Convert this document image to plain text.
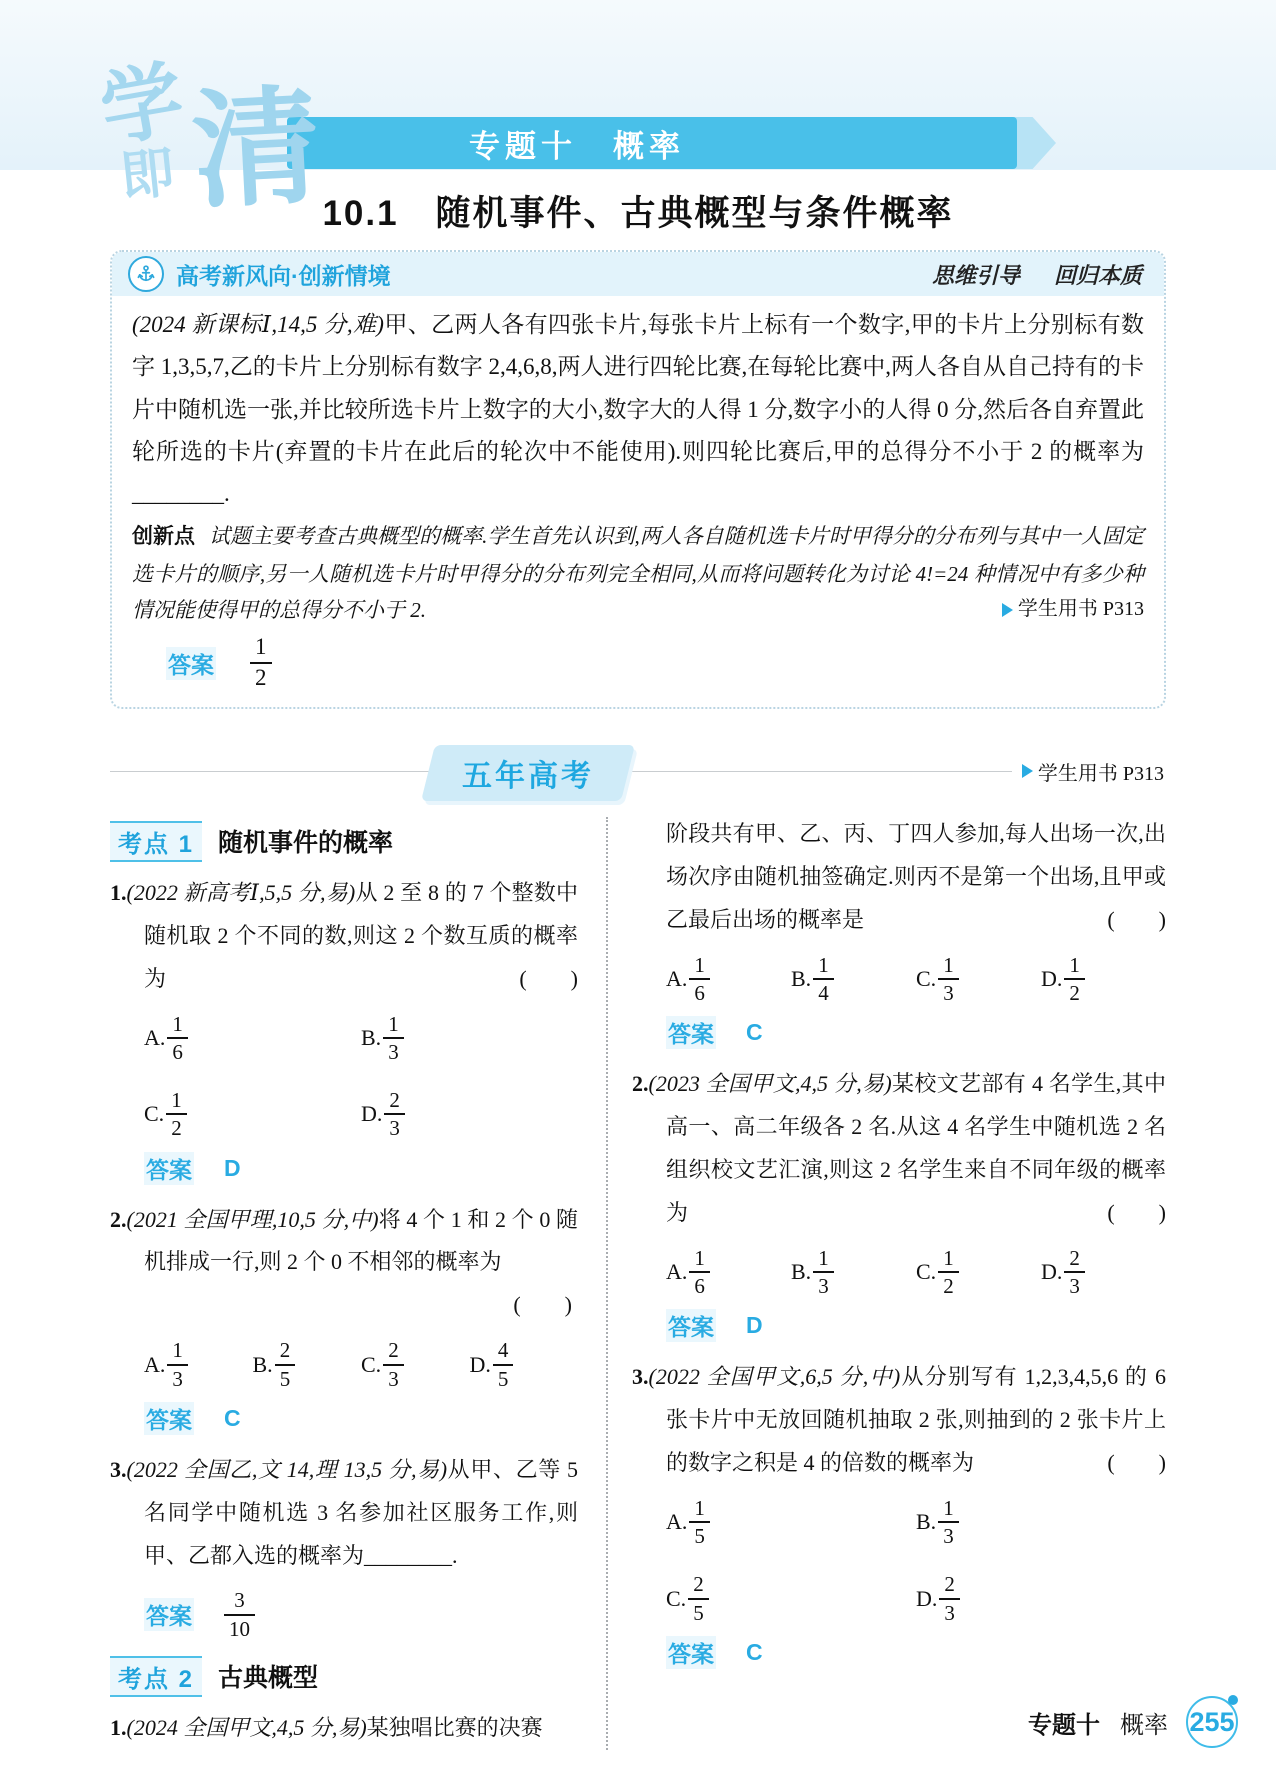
学
即 清	专题十　概率
10.1　随机事件、古典概型与条件概率
高考新风向·创新情境	思维引导 回归本质
(2024 新课标Ⅰ,14,5 分,难)甲、乙两人各有四张卡片,每张卡片上标有一个数字,甲的卡片上分别标有数字 1,3,5,7,乙的卡片上分别标有数字 2,4,6,8,两人进行四轮比赛,在每轮比赛中,两人各自从自己持有的卡片中随机选一张,并比较所选卡片上数字的大小,数字大的人得 1 分,数字小的人得 0 分,然后各自弃置此轮所选的卡片(弃置的卡片在此后的轮次中不能使用).则四轮比赛后,甲的总得分不小于 2 的概率为________.
创新点 试题主要考查古典概型的概率.学生首先认识到,两人各自随机选卡片时甲得分的分布列与其中一人固定选卡片的顺序,另一人随机选卡片时甲得分的分布列完全相同,从而将问题转化为讨论 4!=24 种情况中有多少种情况能使得甲的总得分不小于 2.	学生用书 P313
答案 $\frac{1}{2}$
五年高考	学生用书 P313
考点 1 随机事件的概率
1.(2022 新高考Ⅰ,5,5 分,易)从 2 至 8 的 7 个整数中随机取 2 个不同的数,则这 2 个数互质的概率为	(　　)
A. $\frac{1}{6}$	B. $\frac{1}{3}$
C. $\frac{1}{2}$	D. $\frac{2}{3}$
答案 D
2.(2021 全国甲理,10,5 分,中)将 4 个 1 和 2 个 0 随机排成一行,则 2 个 0 不相邻的概率为
(　　)
A. $\frac{1}{3}$	B. $\frac{2}{5}$	C. $\frac{2}{3}$	D. $\frac{4}{5}$
答案 C
3.(2022 全国乙,文 14,理 13,5 分,易)从甲、乙等 5 名同学中随机选 3 名参加社区服务工作,则甲、乙都入选的概率为________.
答案 $\frac{3}{10}$
考点 2 古典概型
1.(2024 全国甲文,4,5 分,易)某独唱比赛的决赛
阶段共有甲、乙、丙、丁四人参加,每人出场一次,出场次序由随机抽签确定.则丙不是第一个出场,且甲或乙最后出场的概率是	(　　)
A. $\frac{1}{6}$	B. $\frac{1}{4}$	C. $\frac{1}{3}$	D. $\frac{1}{2}$
答案 C
2.(2023 全国甲文,4,5 分,易)某校文艺部有 4 名学生,其中高一、高二年级各 2 名.从这 4 名学生中随机选 2 名组织校文艺汇演,则这 2 名学生来自不同年级的概率为	(　　)
A. $\frac{1}{6}$	B. $\frac{1}{3}$	C. $\frac{1}{2}$	D. $\frac{2}{3}$
答案 D
3.(2022 全国甲文,6,5 分,中)从分别写有 1,2,3,4,5,6 的 6 张卡片中无放回随机抽取 2 张,则抽到的 2 张卡片上的数字之积是 4 的倍数的概率为	(　　)
A. $\frac{1}{5}$	B. $\frac{1}{3}$
C. $\frac{2}{5}$	D. $\frac{2}{3}$
答案 C
专题十 概率 255
